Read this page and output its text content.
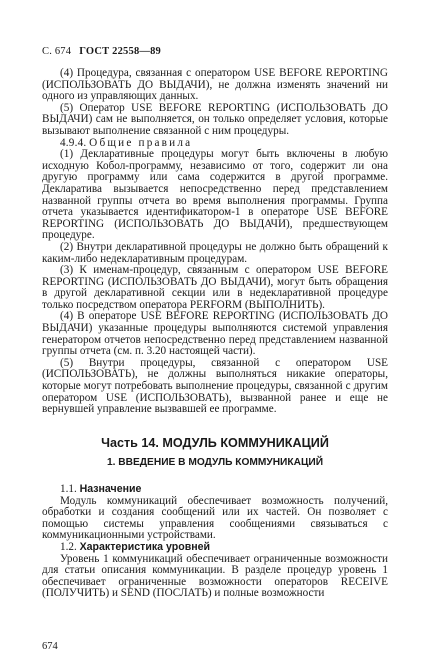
С. 674 ГОСТ 22558—89

(4) Процедура, связанная с оператором USE BEFORE REPORTING (ИСПОЛЬЗОВАТЬ ДО ВЫДАЧИ), не должна изменять значений ни одного из управляющих данных.

(5) Оператор USE BEFORE REPORTING (ИСПОЛЬЗОВАТЬ ДО ВЫДАЧИ) сам не выполняется, он только определяет условия, которые вызывают выполнение связанной с ним процедуры.

4.9.4. Общие правила

(1) Декларативные процедуры могут быть включены в любую исходную Кобол-программу, независимо от того, содержит ли она другую программу или сама содержится в другой программе. Декларатива вызывается непосредственно перед представлением названной группы отчета во время выполнения программы. Группа отчета указывается идентификатором-1 в операторе USE BEFORE REPORTING (ИСПОЛЬЗОВАТЬ ДО ВЫДАЧИ), предшествующем процедуре.

(2) Внутри декларативной процедуры не должно быть обращений к каким-либо недекларативным процедурам.

(3) К именам-процедур, связанным с оператором USE BEFORE REPORTING (ИСПОЛЬЗОВАТЬ ДО ВЫДАЧИ), могут быть обращения в другой декларативной секции или в недекларативной процедуре только посредством оператора PERFORM (ВЫПОЛНИТЬ).

(4) В операторе USE BEFORE REPORTING (ИСПОЛЬЗОВАТЬ ДО ВЫДАЧИ) указанные процедуры выполняются системой управления генератором отчетов непосредственно перед представлением названной группы отчета (см. п. 3.20 настоящей части).

(5) Внутри процедуры, связанной с оператором USE (ИСПОЛЬЗОВАТЬ), не должны выполняться никакие операторы, которые могут потребовать выполнение процедуры, связанной с другим оператором USE (ИСПОЛЬЗОВАТЬ), вызванной ранее и еще не вернувшей управление вызвавшей ее программе.

Часть 14. МОДУЛЬ КОММУНИКАЦИЙ
1. ВВЕДЕНИЕ В МОДУЛЬ КОММУНИКАЦИЙ

1.1. Назначение

Модуль коммуникаций обеспечивает возможность получений, обработки и создания сообщений или их частей. Он позволяет с помощью системы управления сообщениями связываться с коммуникационными устройствами.

1.2. Характеристика уровней

Уровень 1 коммуникаций обеспечивает ограниченные возможности для статьи описания коммуникации. В разделе процедур уровень 1 обеспечивает ограниченные возможности операторов RECEIVE (ПОЛУЧИТЬ) и SEND (ПОСЛАТЬ) и полные возможности

674
